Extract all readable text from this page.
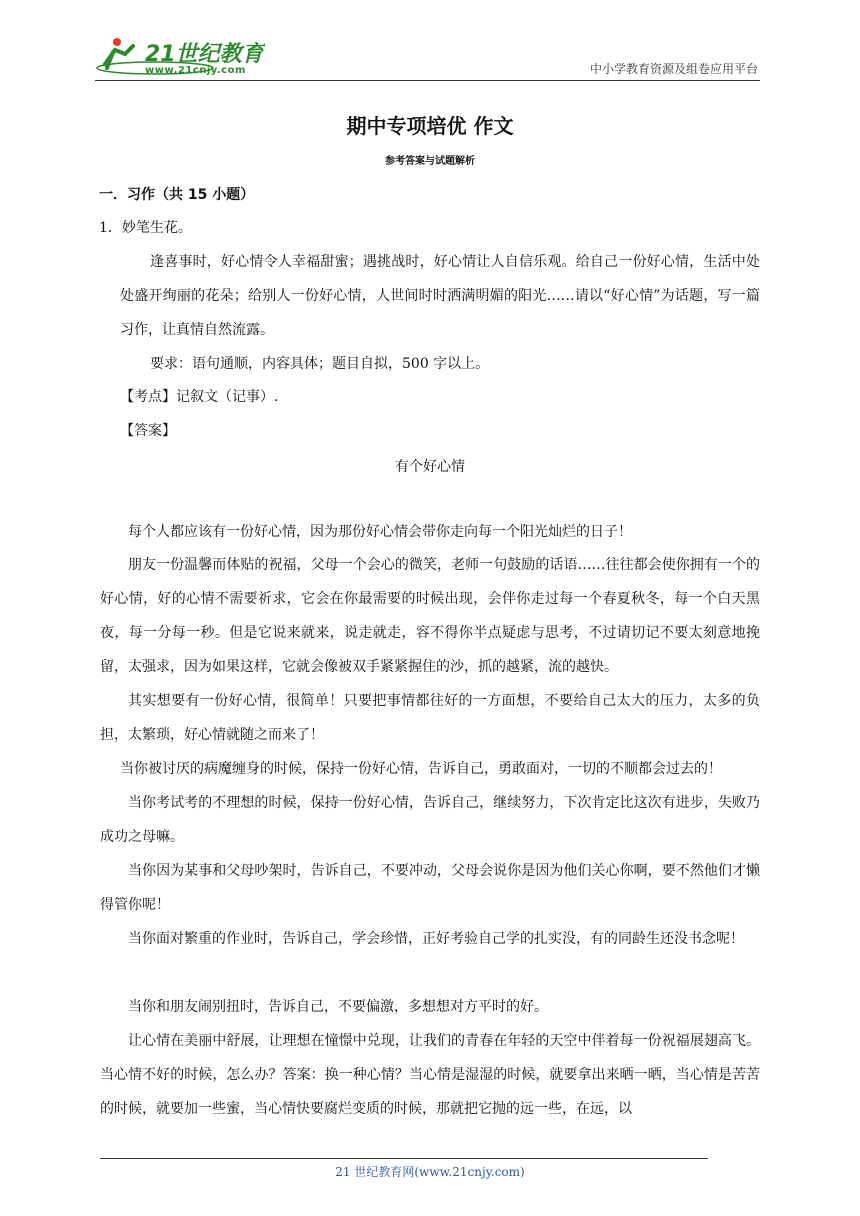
21世纪教育
www.21cnjy.com	中小学教育资源及组卷应用平台
期中专项培优 作文
参考答案与试题解析
一．习作（共 15 小题）
1．妙笔生花。
逢喜事时，好心情令人幸福甜蜜；遇挑战时，好心情让人自信乐观。给自己一份好心情，生活中处处盛开绚丽的花朵；给别人一份好心情，人世间时时洒满明媚的阳光……请以“好心情”为话题，写一篇习作，让真情自然流露。
要求：语句通顺，内容具体；题目自拟，500 字以上。
【考点】记叙文（记事）.
【答案】
有个好心情
每个人都应该有一份好心情，因为那份好心情会带你走向每一个阳光灿烂的日子！
朋友一份温馨而体贴的祝福，父母一个会心的微笑，老师一句鼓励的话语……往往都会使你拥有一个的好心情，好的心情不需要祈求，它会在你最需要的时候出现，会伴你走过每一个春夏秋冬，每一个白天黑夜，每一分每一秒。但是它说来就来，说走就走，容不得你半点疑虑与思考，不过请切记不要太刻意地挽留，太强求，因为如果这样，它就会像被双手紧紧握住的沙，抓的越紧，流的越快。
其实想要有一份好心情，很简单！只要把事情都往好的一方面想，不要给自己太大的压力，太多的负担，太繁琐，好心情就随之而来了！
当你被讨厌的病魔缠身的时候，保持一份好心情，告诉自己，勇敢面对，一切的不顺都会过去的！
当你考试考的不理想的时候，保持一份好心情，告诉自己，继续努力，下次肯定比这次有进步，失败乃成功之母嘛。
当你因为某事和父母吵架时，告诉自己，不要冲动，父母会说你是因为他们关心你啊，要不然他们才懒得管你呢！
当你面对繁重的作业时，告诉自己，学会珍惜，正好考验自己学的扎实没，有的同龄生还没书念呢！
当你和朋友闹别扭时，告诉自己，不要偏激，多想想对方平时的好。
让心情在美丽中舒展，让理想在憧憬中兑现，让我们的青春在年轻的天空中伴着每一份祝福展翅高飞。当心情不好的时候，怎么办？答案：换一种心情？当心情是湿湿的时候，就要拿出来晒一晒，当心情是苦苦的时候，就要加一些蜜，当心情快要腐烂变质的时候，那就把它抛的远一些，在远，以
21 世纪教育网(www.21cnjy.com)
